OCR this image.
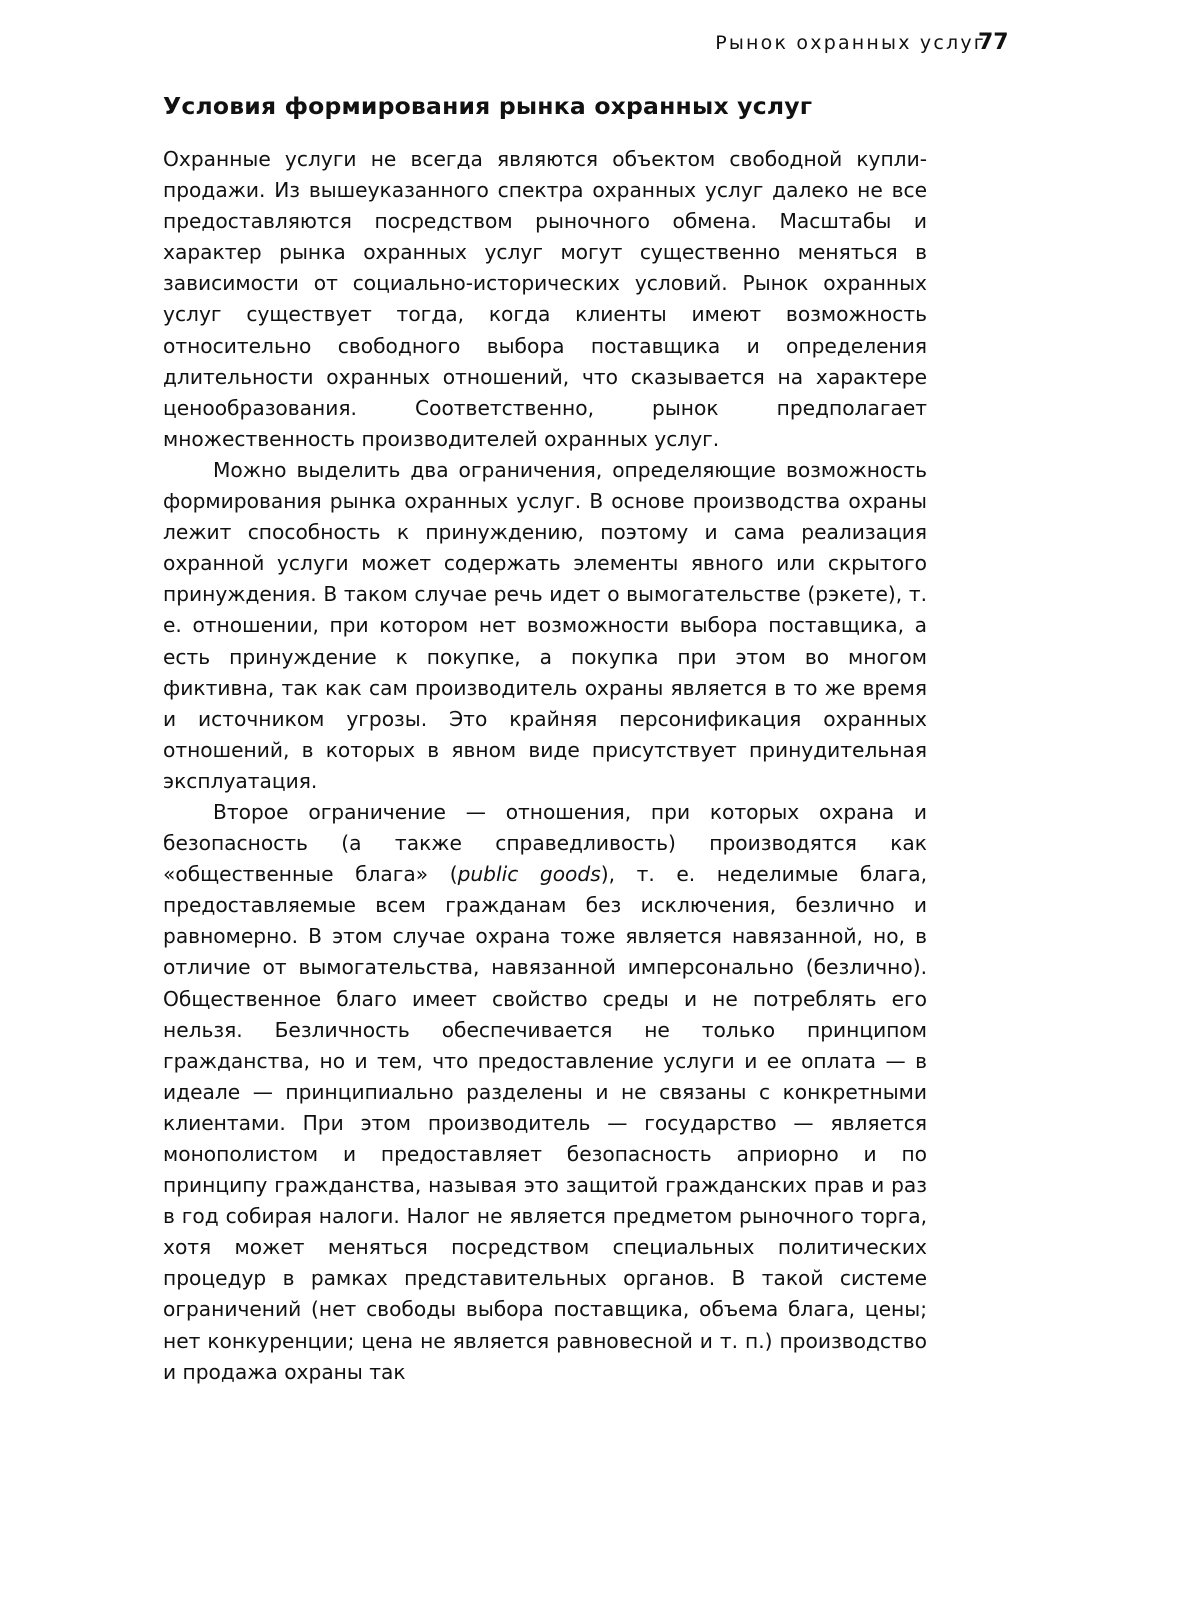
Рынок охранных услуг
77
Условия формирования рынка охранных услуг

Охранные услуги не всегда являются объектом свободной купли-продажи. Из вышеуказанного спектра охранных услуг далеко не все предоставляются посредством рыночного обмена. Масштабы и характер рынка охранных услуг могут существенно меняться в зависимости от социально-исторических условий. Рынок охранных услуг существует тогда, когда клиенты имеют возможность относительно свободного выбора поставщика и определения длительности охранных отношений, что сказывается на характере ценообразования. Соответственно, рынок предполагает множественность производителей охранных услуг.

Можно выделить два ограничения, определяющие возможность формирования рынка охранных услуг. В основе производства охраны лежит способность к принуждению, поэтому и сама реализация охранной услуги может содержать элементы явного или скрытого принуждения. В таком случае речь идет о вымогательстве (рэкете), т. е. отношении, при котором нет возможности выбора поставщика, а есть принуждение к покупке, а покупка при этом во многом фиктивна, так как сам производитель охраны является в то же время и источником угрозы. Это крайняя персонификация охранных отношений, в которых в явном виде присутствует принудительная эксплуатация.

Второе ограничение — отношения, при которых охрана и безопасность (а также справедливость) производятся как «общественные блага» (public goods), т. е. неделимые блага, предоставляемые всем гражданам без исключения, безлично и равномерно. В этом случае охрана тоже является навязанной, но, в отличие от вымогательства, навязанной имперсонально (безлично). Общественное благо имеет свойство среды и не потреблять его нельзя. Безличность обеспечивается не только принципом гражданства, но и тем, что предоставление услуги и ее оплата — в идеале — принципиально разделены и не связаны с конкретными клиентами. При этом производитель — государство — является монополистом и предоставляет безопасность априорно и по принципу гражданства, называя это защитой гражданских прав и раз в год собирая налоги. Налог не является предметом рыночного торга, хотя может меняться посредством специальных политических процедур в рамках представительных органов. В такой системе ограничений (нет свободы выбора поставщика, объема блага, цены; нет конкуренции; цена не является равновесной и т. п.) производство и продажа охраны так
